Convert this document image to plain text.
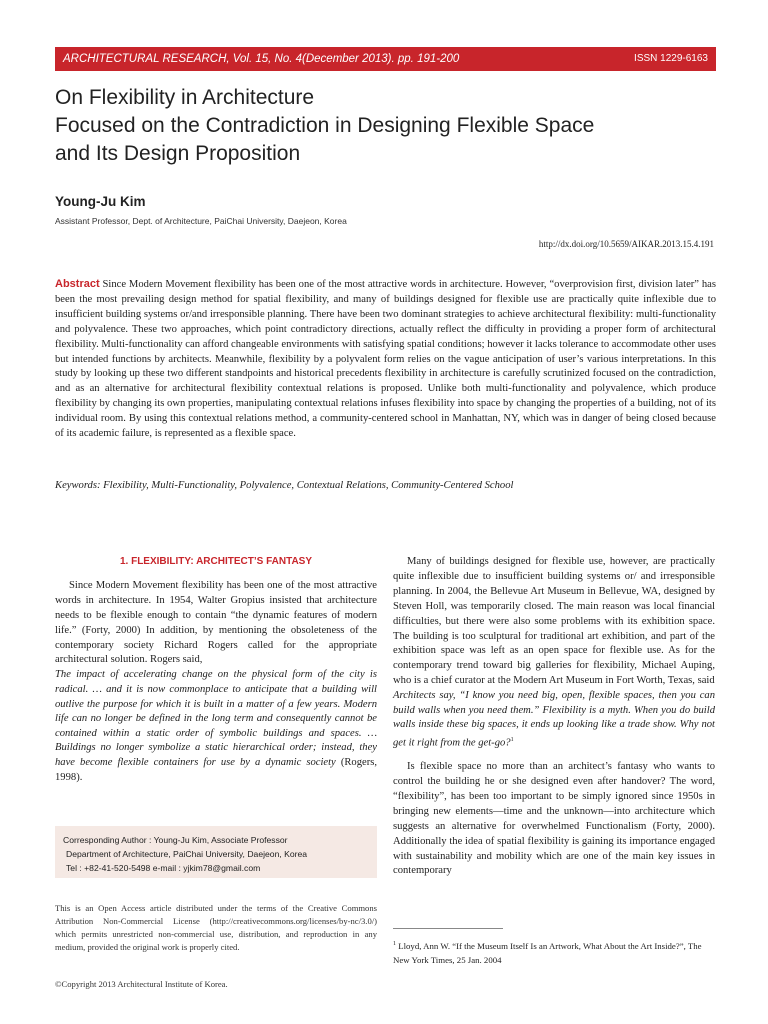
ARCHITECTURAL RESEARCH, Vol. 15, No. 4(December 2013). pp. 191-200	ISSN 1229-6163
On Flexibility in Architecture
Focused on the Contradiction in Designing Flexible Space
and Its Design Proposition
Young-Ju Kim
Assistant Professor, Dept. of Architecture, PaiChai University, Daejeon, Korea
http://dx.doi.org/10.5659/AIKAR.2013.15.4.191
Abstract Since Modern Movement flexibility has been one of the most attractive words in architecture. However, “overprovision first, division later” has been the most prevailing design method for spatial flexibility, and many of buildings designed for flexible use are practically quite inflexible due to insufficient building systems or/and irresponsible planning. There have been two dominant strategies to achieve architectural flexibility: multi-functionality and polyvalence. These two approaches, which point contradictory directions, actually reflect the difficulty in providing a proper form of architectural flexibility. Multi-functionality can afford changeable environments with satisfying spatial conditions; however it lacks tolerance to accommodate other uses but intended functions by architects. Meanwhile, flexibility by a polyvalent form relies on the vague anticipation of user’s various interpretations. In this study by looking up these two different standpoints and historical precedents flexibility in architecture is carefully scrutinized focused on the contradiction, and as an alternative for architectural flexibility contextual relations is proposed. Unlike both multi-functionality and polyvalence, which produce flexibility by changing its own properties, manipulating contextual relations infuses flexibility into space by changing the properties of a building, not of its individual room. By using this contextual relations method, a community-centered school in Manhattan, NY, which was in danger of being closed because of its academic failure, is represented as a flexible space.
Keywords: Flexibility, Multi-Functionality, Polyvalence, Contextual Relations, Community-Centered School
1. FLEXIBILITY: ARCHITECT’S FANTASY

Since Modern Movement flexibility has been one of the most attractive words in architecture. In 1954, Walter Gropius insisted that architecture needs to be flexible enough to contain “the dynamic features of modern life.” (Forty, 2000) In addition, by mentioning the obsoleteness of the contemporary society Richard Rogers called for the appropriate architectural solution. Rogers said,

The impact of accelerating change on the physical form of the city is radical. … and it is now commonplace to anticipate that a building will outlive the purpose for which it is built in a matter of a few years. Modern life can no longer be defined in the long term and consequently cannot be contained within a static order of symbolic buildings and spaces. … Buildings no longer symbolize a static hierarchical order; instead, they have become flexible containers for use by a dynamic society (Rogers, 1998).

Many of buildings designed for flexible use, however, are practically quite inflexible due to insufficient building systems or/ and irresponsible planning. In 2004, the Bellevue Art Museum in Bellevue, WA, designed by Steven Holl, was temporarily closed. The main reason was local financial difficulties, but there were also some problems with its exhibition space. The building is too sculptural for traditional art exhibition, and part of the exhibition space was left as an open space for flexible use. As for the contemporary trend toward big galleries for flexibility, Michael Auping, who is a chief curator at the Modern Art Museum in Fort Worth, Texas, said

Architects say, “I know you need big, open, flexible spaces, then you can build walls when you need them.” Flexibility is a myth. When you do build walls inside these big spaces, it ends up looking like a trade show. Why not get it right from the get-go?$^1$

Is flexible space no more than an architect’s fantasy who wants to control the building he or she designed even after handover? The word, “flexibility”, has been too important to be simply ignored since 1950s in bringing new elements—time and the unknown—into architecture which suggests an alternative for overwhelmed Functionalism (Forty, 2000). Additionally the idea of spatial flexibility is gaining its importance engaged with sustainability and mobility which are one of the main key issues in contemporary

Corresponding Author : Young-Ju Kim, Associate Professor
Department of Architecture, PaiChai University, Daejeon, Korea
Tel : +82-41-520-5498 e-mail : yjkim78@gmail.com
This is an Open Access article distributed under the terms of the Creative Commons Attribution Non-Commercial License (http://creativecommons.org/licenses/by-nc/3.0/) which permits unrestricted non-commercial use, distribution, and reproduction in any medium, provided the original work is properly cited.
©Copyright 2013 Architectural Institute of Korea.
$^1$ Lloyd, Ann W. “If the Museum Itself Is an Artwork, What About the Art Inside?”, The New York Times, 25 Jan. 2004
